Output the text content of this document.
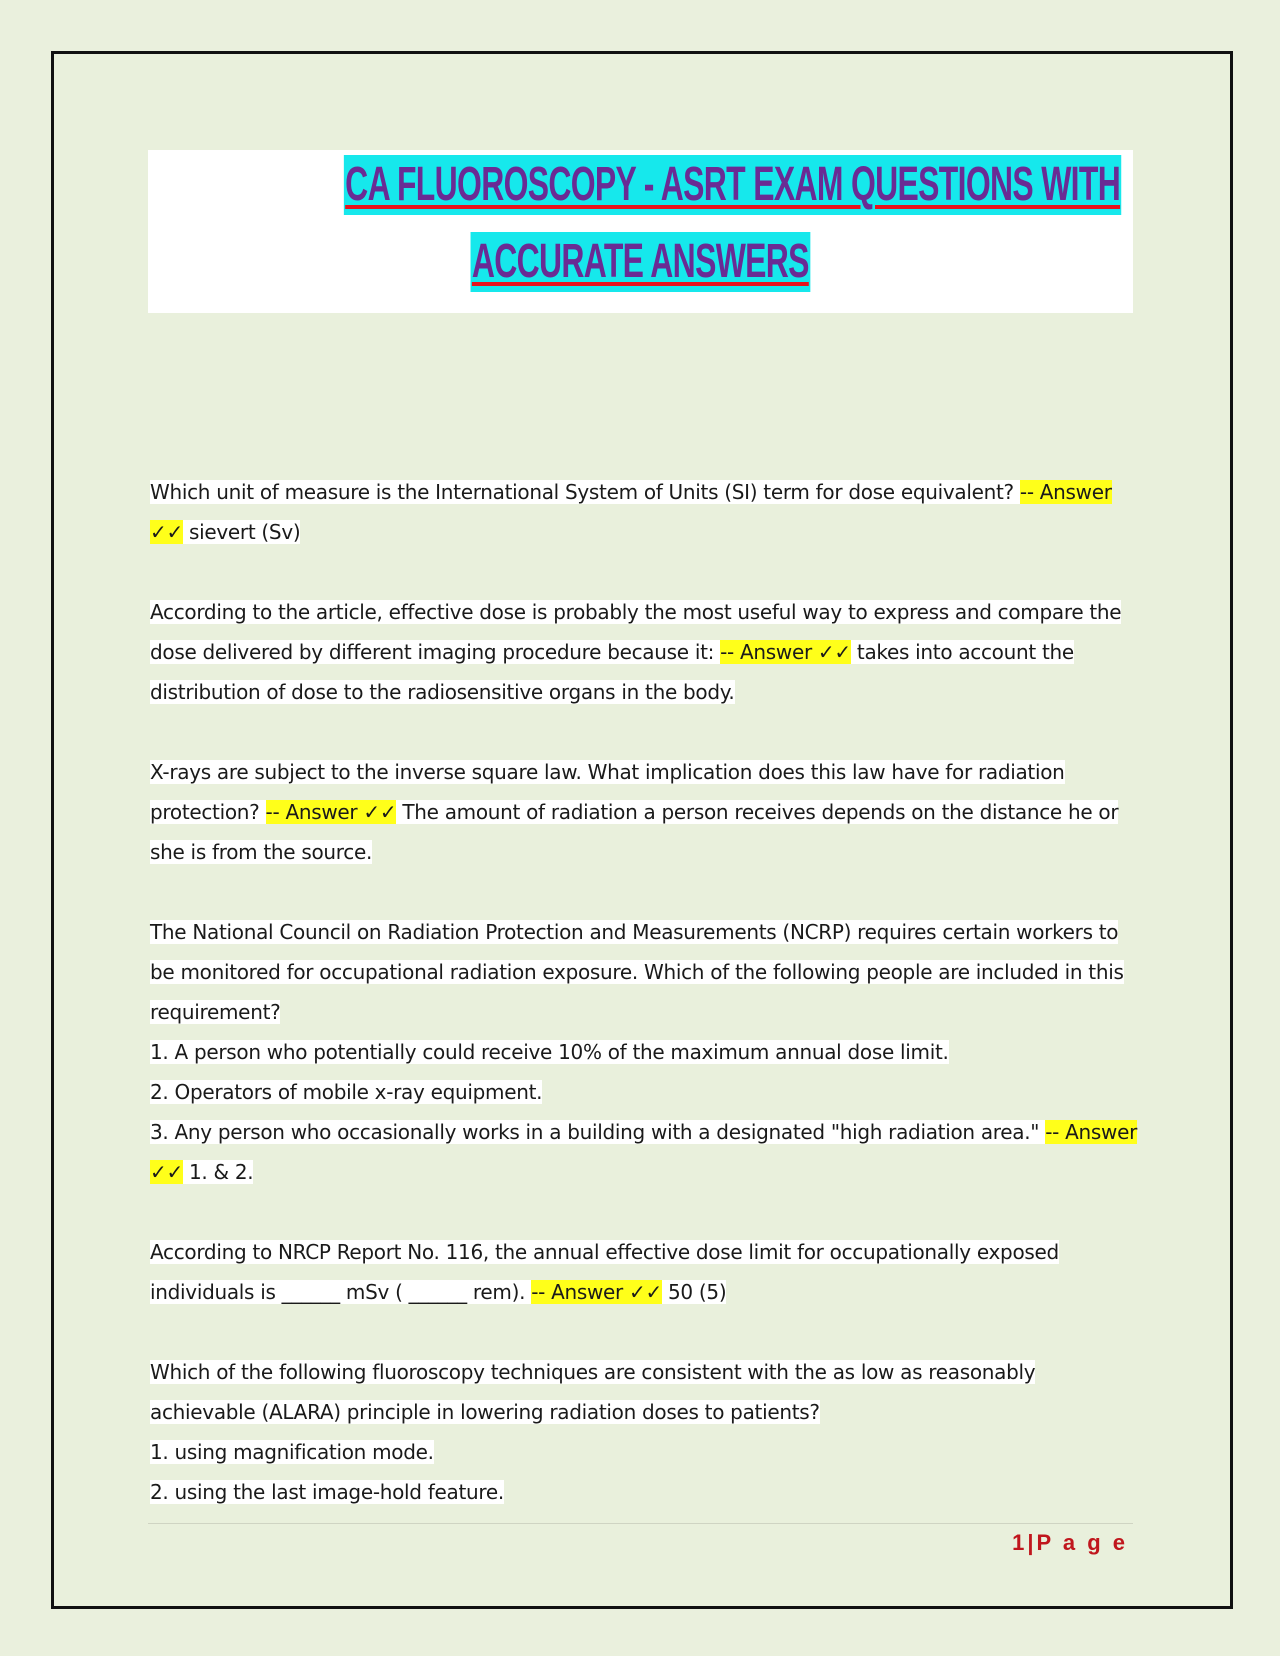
CA FLUOROSCOPY - ASRT EXAM QUESTIONS WITH
ACCURATE ANSWERS

Which unit of measure is the International System of Units (SI) term for dose equivalent? -- Answer ✓✓ sievert (Sv)

According to the article, effective dose is probably the most useful way to express and compare the dose delivered by different imaging procedure because it: -- Answer ✓✓ takes into account the distribution of dose to the radiosensitive organs in the body.

X-rays are subject to the inverse square law. What implication does this law have for radiation protection? -- Answer ✓✓ The amount of radiation a person receives depends on the distance he or she is from the source.

The National Council on Radiation Protection and Measurements (NCRP) requires certain workers to be monitored for occupational radiation exposure. Which of the following people are included in this requirement?
1. A person who potentially could receive 10% of the maximum annual dose limit.
2. Operators of mobile x-ray equipment.
3. Any person who occasionally works in a building with a designated "high radiation area." -- Answer ✓✓ 1. & 2.

According to NRCP Report No. 116, the annual effective dose limit for occupationally exposed individuals is ______ mSv ( ______ rem). -- Answer ✓✓ 50 (5)

Which of the following fluoroscopy techniques are consistent with the as low as reasonably achievable (ALARA) principle in lowering radiation doses to patients?
1. using magnification mode.
2. using the last image-hold feature.

1|P a g e
